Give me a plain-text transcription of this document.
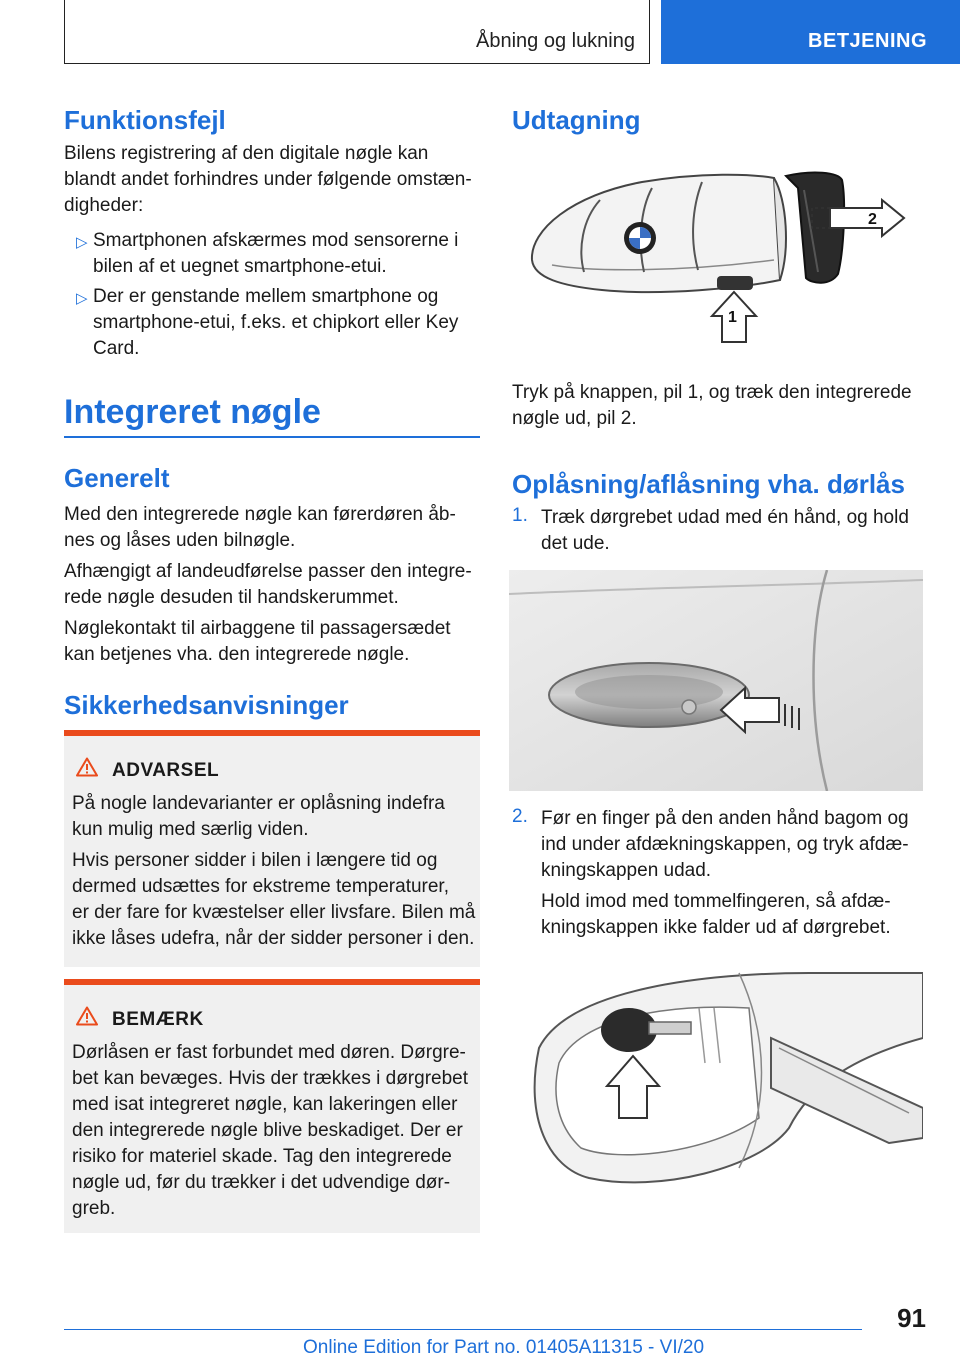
Åbning og lukning	BETJENING
Funktionsfejl
Bilens registrering af den digitale nøgle kan
blandt andet forhindres under følgende omstæn-
digheder:
▷ Smartphonen afskærmes mod sensorerne i
bilen af et uegnet smartphone-etui.
▷ Der er genstande mellem smartphone og
smartphone-etui, f.eks. et chipkort eller Key
Card.
Integreret nøgle
Generelt
Med den integrerede nøgle kan førerdøren åb-
nes og låses uden bilnøgle.
Afhængigt af landeudførelse passer den integre-
rede nøgle desuden til handskerummet.
Nøglekontakt til airbaggene til passagersædet
kan betjenes vha. den integrerede nøgle.
Sikkerhedsanvisninger
ADVARSEL
På nogle landevarianter er oplåsning indefra
kun mulig med særlig viden.
Hvis personer sidder i bilen i længere tid og
dermed udsættes for ekstreme temperaturer,
er der fare for kvæstelser eller livsfare. Bilen må
ikke låses udefra, når der sidder personer i den.
BEMÆRK
Dørlåsen er fast forbundet med døren. Dørgre-
bet kan bevæges. Hvis der trækkes i dørgrebet
med isat integreret nøgle, kan lakeringen eller
den integrerede nøgle blive beskadiget. Der er
risiko for materiel skade. Tag den integrerede
nøgle ud, før du trækker i det udvendige dør-
greb.
Udtagning
2
1
Tryk på knappen, pil 1, og træk den integrerede
nøgle ud, pil 2.
Oplåsning/aflåsning vha. dørlås
1. Træk dørgrebet udad med én hånd, og hold
det ude.
2. Før en finger på den anden hånd bagom og
ind under afdækningskappen, og tryk afdæ-
kningskappen udad.
Hold imod med tommelfingeren, så afdæ-
kningskappen ikke falder ud af dørgrebet.
91
Online Edition for Part no. 01405A11315 - VI/20
